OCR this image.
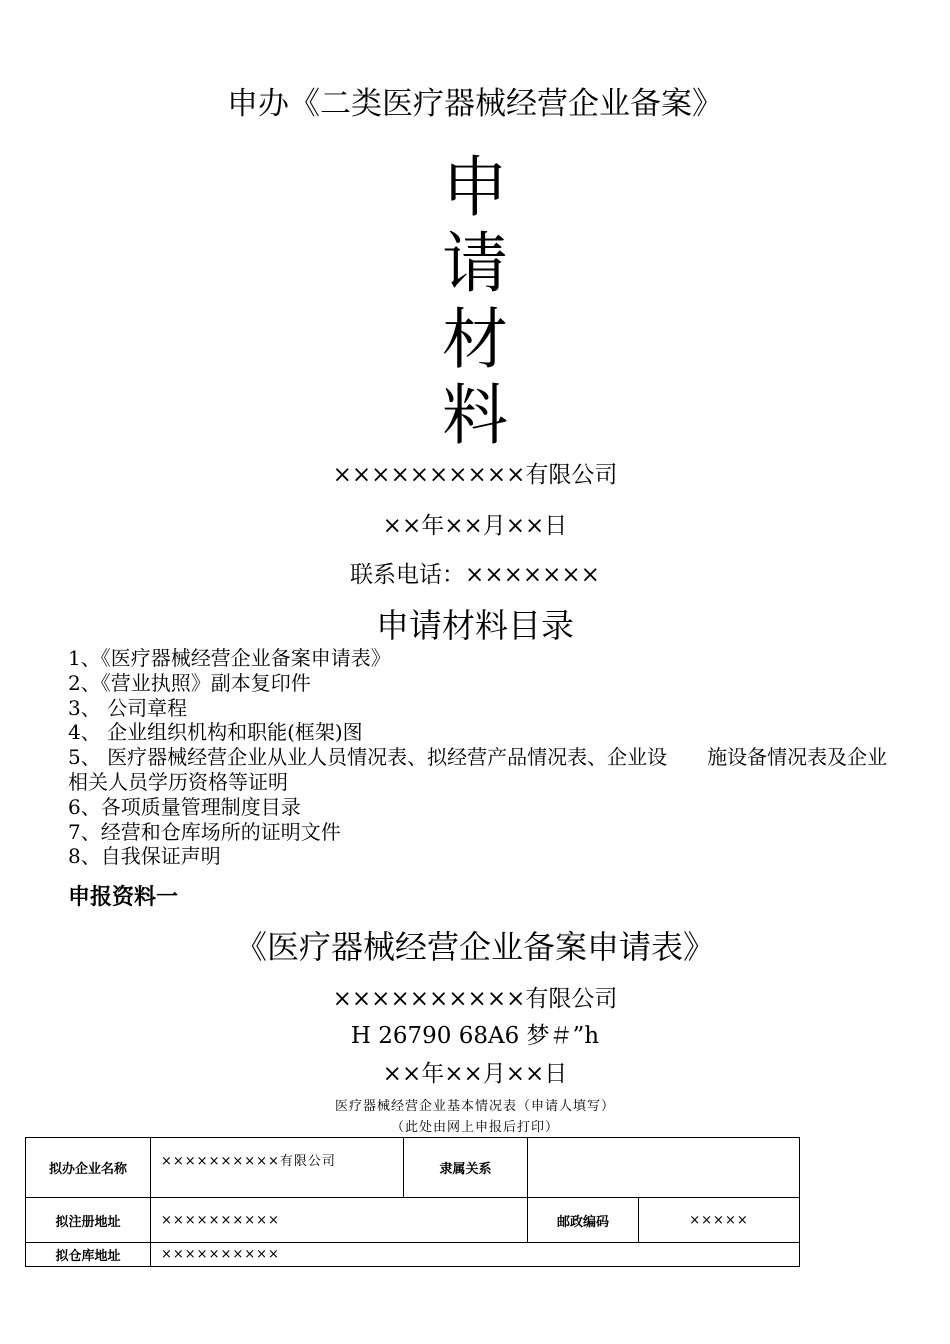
申办《二类医疗器械经营企业备案》
申
请
材
料
××××××××××有限公司
××年××月××日
联系电话：×××××××
申请材料目录
1、《医疗器械经营企业备案申请表》
2、《营业执照》副本复印件
3、 公司章程
4、 企业组织机构和职能(框架)图
5、 医疗器械经营企业从业人员情况表、拟经营产品情况表、企业设　　施设备情况表及企业相关人员学历资格等证明
6、各项质量管理制度目录
7、经营和仓库场所的证明文件
8、自我保证声明
申报资料一
《医疗器械经营企业备案申请表》
××××××××××有限公司
H 26790 68A6 梦＃”h
××年××月××日
医疗器械经营企业基本情况表（申请人填写）
（此处由网上申报后打印）
拟办企业名称	××××××××××有限公司	隶属关系		
拟注册地址	××××××××××		邮政编码	×××××
拟仓库地址	××××××××××			
